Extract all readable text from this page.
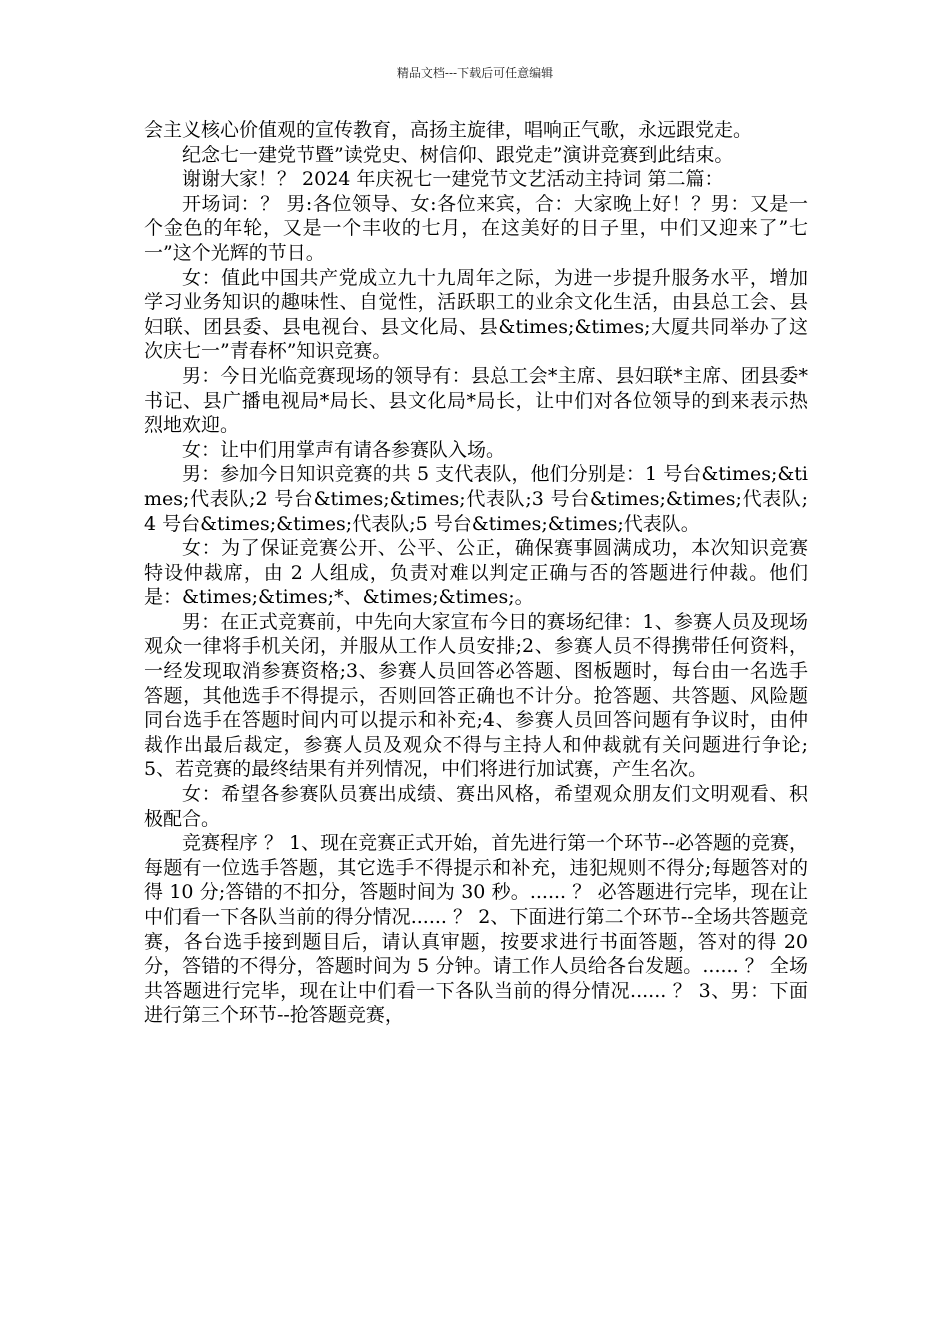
精品文档---下载后可任意编辑

会主义核心价值观的宣传教育，高扬主旋律，唱响正气歌，永远跟党走。

纪念七一建党节暨”读党史、树信仰、跟党走”演讲竞赛到此结束。

谢谢大家！？ 2024 年庆祝七一建党节文艺活动主持词 第二篇：

开场词：？ 男:各位领导、女:各位来宾，合：大家晚上好！？男：又是一个金色的年轮，又是一个丰收的七月，在这美好的日子里，中们又迎来了”七一”这个光辉的节日。

女：值此中国共产党成立九十九周年之际，为进一步提升服务水平，增加学习业务知识的趣味性、自觉性，活跃职工的业余文化生活，由县总工会、县妇联、团县委、县电视台、县文化局、县&times;&times;大厦共同举办了这次庆七一”青春杯”知识竞赛。

男：今日光临竞赛现场的领导有：县总工会*主席、县妇联*主席、团县委*书记、县广播电视局*局长、县文化局*局长，让中们对各位领导的到来表示热烈地欢迎。

女：让中们用掌声有请各参赛队入场。

男：参加今日知识竞赛的共 5 支代表队，他们分别是：1 号台&times;&times;代表队;2 号台&times;&times;代表队;3 号台&times;&times;代表队;4 号台&times;&times;代表队;5 号台&times;&times;代表队。

女：为了保证竞赛公开、公平、公正，确保赛事圆满成功，本次知识竞赛特设仲裁席，由 2 人组成，负责对难以判定正确与否的答题进行仲裁。他们是：&times;&times;*、&times;&times;。

男：在正式竞赛前，中先向大家宣布今日的赛场纪律：1、参赛人员及现场观众一律将手机关闭，并服从工作人员安排;2、参赛人员不得携带任何资料，一经发现取消参赛资格;3、参赛人员回答必答题、图板题时，每台由一名选手答题，其他选手不得提示，否则回答正确也不计分。抢答题、共答题、风险题同台选手在答题时间内可以提示和补充;4、参赛人员回答问题有争议时，由仲裁作出最后裁定，参赛人员及观众不得与主持人和仲裁就有关问题进行争论;5、若竞赛的最终结果有并列情况，中们将进行加试赛，产生名次。

女：希望各参赛队员赛出成绩、赛出风格，希望观众朋友们文明观看、积极配合。

竞赛程序 ？ 1、现在竞赛正式开始，首先进行第一个环节--必答题的竞赛，每题有一位选手答题，其它选手不得提示和补充，违犯规则不得分;每题答对的得 10 分;答错的不扣分，答题时间为 30 秒。...... ？ 必答题进行完毕，现在让中们看一下各队当前的得分情况...... ？ 2、下面进行第二个环节--全场共答题竞赛，各台选手接到题目后，请认真审题，按要求进行书面答题，答对的得 20 分，答错的不得分，答题时间为 5 分钟。请工作人员给各台发题。...... ？ 全场共答题进行完毕，现在让中们看一下各队当前的得分情况...... ？ 3、男：下面进行第三个环节--抢答题竞赛，
